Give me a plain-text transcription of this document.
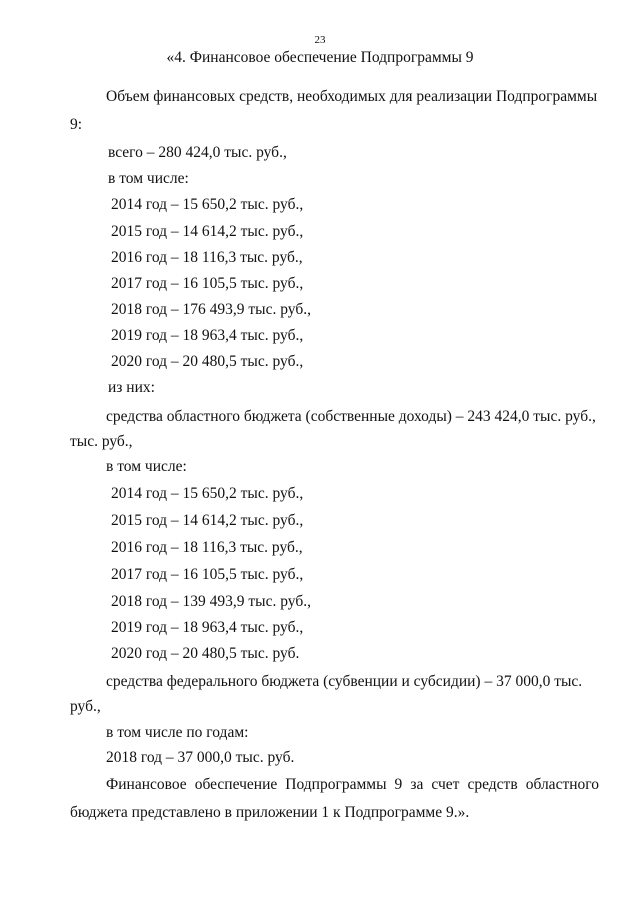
23
«4. Финансовое обеспечение Подпрограммы 9
Объем финансовых средств, необходимых для реализации Подпрограммы
9:
всего – 280 424,0 тыс. руб.,
в том числе:
2014 год – 15 650,2 тыс. руб.,
2015 год – 14 614,2 тыс. руб.,
2016 год – 18 116,3 тыс. руб.,
2017 год – 16 105,5 тыс. руб.,
2018 год – 176 493,9 тыс. руб.,
2019 год – 18 963,4 тыс. руб.,
2020 год – 20 480,5 тыс. руб.,
из них:
средства областного бюджета (собственные доходы) – 243 424,0 тыс. руб.,
тыс. руб.,
в том числе:
2014 год – 15 650,2 тыс. руб.,
2015 год – 14 614,2 тыс. руб.,
2016 год – 18 116,3 тыс. руб.,
2017 год – 16 105,5 тыс. руб.,
2018 год – 139 493,9 тыс. руб.,
2019 год – 18 963,4 тыс. руб.,
2020 год – 20 480,5 тыс. руб.
средства федерального бюджета (субвенции и субсидии) – 37 000,0 тыс.
руб.,
в том числе по годам:
2018 год – 37 000,0 тыс. руб.
Финансовое обеспечение Подпрограммы 9 за счет средств областного
бюджета представлено в приложении 1 к Подпрограмме 9.».
